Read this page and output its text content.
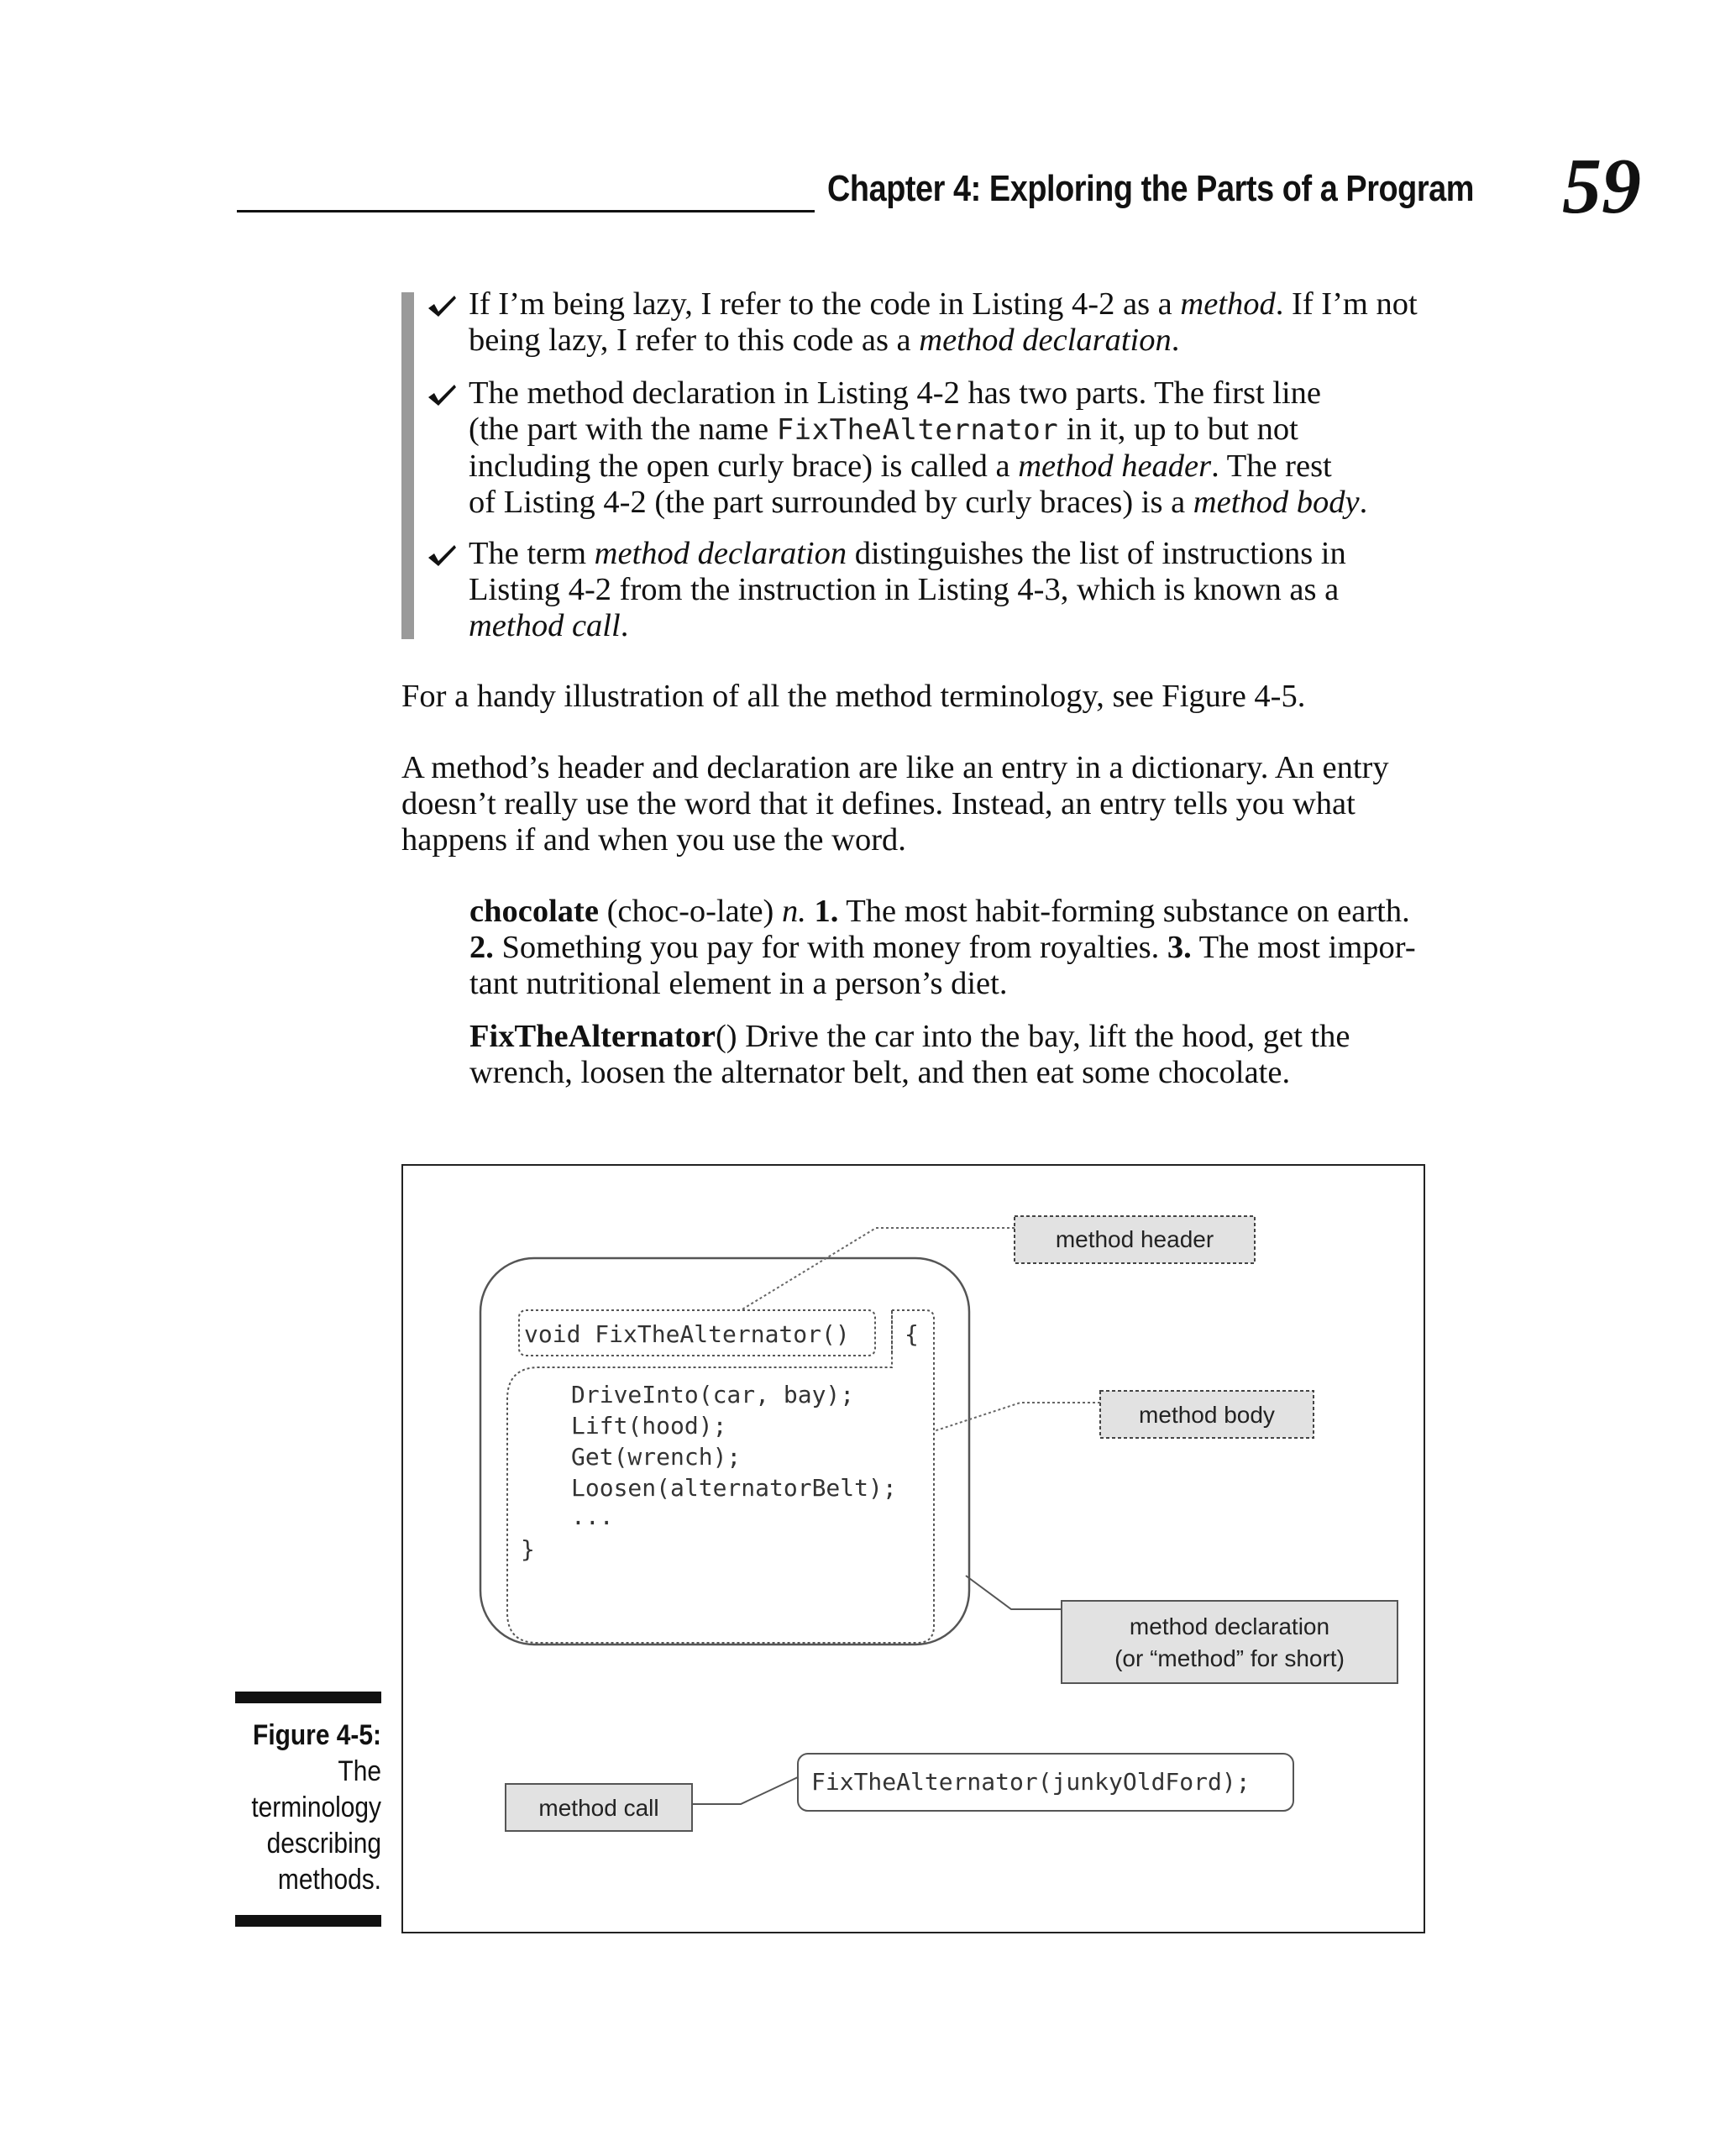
Chapter 4: Exploring the Parts of a Program 59
If I’m being lazy, I refer to the code in Listing 4-2 as a method. If I’m not
being lazy, I refer to this code as a method declaration.
The method declaration in Listing 4-2 has two parts. The first line
(the part with the name FixTheAlternator in it, up to but not
including the open curly brace) is called a method header. The rest
of Listing 4-2 (the part surrounded by curly braces) is a method body.
The term method declaration distinguishes the list of instructions in
Listing 4-2 from the instruction in Listing 4-3, which is known as a
method call.
For a handy illustration of all the method terminology, see Figure 4-5.
A method’s header and declaration are like an entry in a dictionary. An entry
doesn’t really use the word that it defines. Instead, an entry tells you what
happens if and when you use the word.
chocolate (choc-o-late) n. 1. The most habit-forming substance on earth.
2. Something you pay for with money from royalties. 3. The most impor-
tant nutritional element in a person’s diet.
FixTheAlternator() Drive the car into the bay, lift the hood, get the
wrench, loosen the alternator belt, and then eat some chocolate.
void FixTheAlternator() {
DriveInto(car, bay);
Lift(hood);
Get(wrench);
Loosen(alternatorBelt);
...
}
method header
method body
method declaration
(or “method” for short)
method call
FixTheAlternator(junkyOldFord);
Figure 4-5:
The
terminology
describing
methods.
